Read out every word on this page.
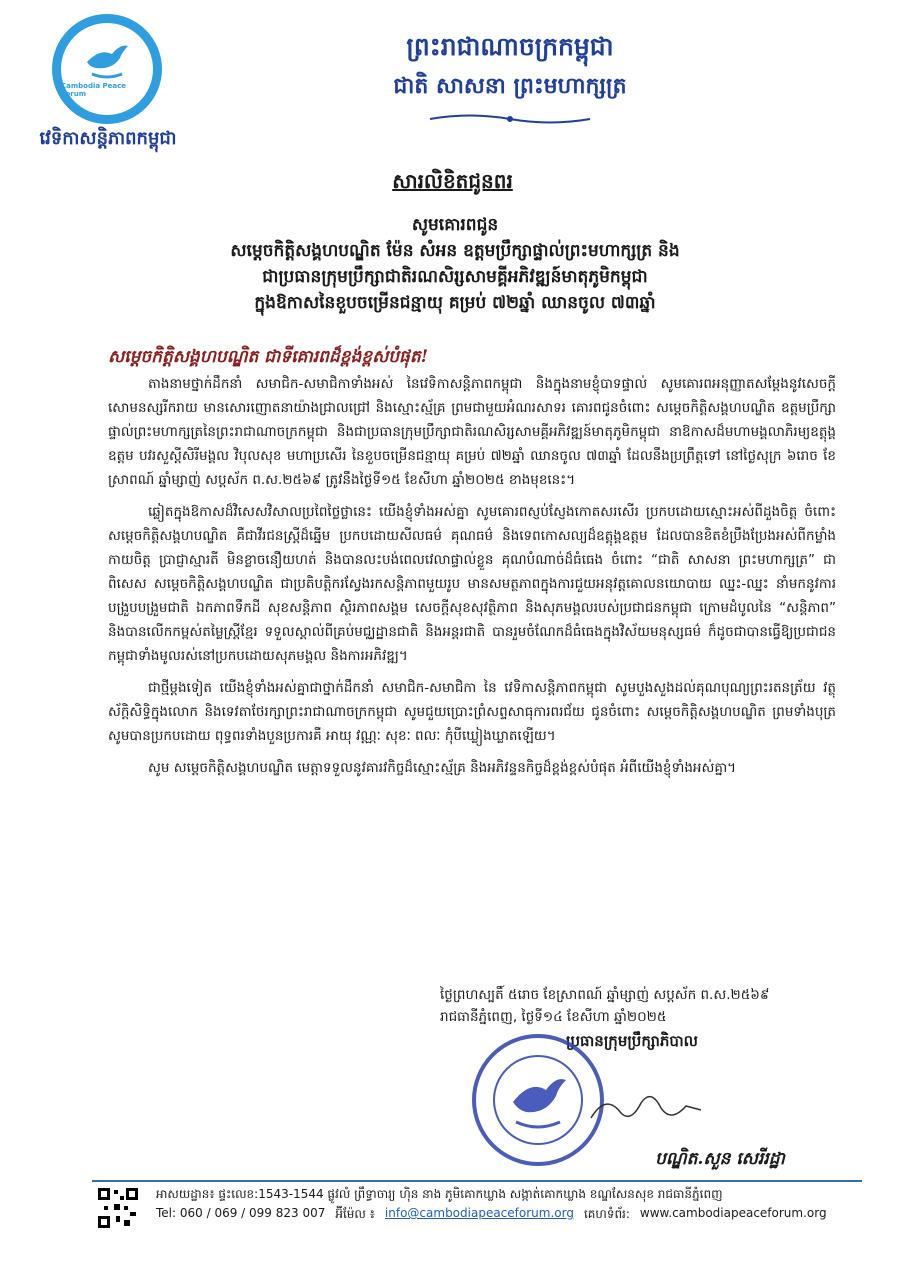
Cambodia Peace Forum
វេទិកាសន្តិភាពកម្ពុជា
ព្រះរាជាណាចក្រកម្ពុជា
ជាតិ សាសនា ព្រះមហាក្សត្រ
សារលិខិតជូនពរ
សូមគោរពជូន
សម្តេចកិត្តិសង្គហបណ្ឌិត ម៉ែន សំអន ឧត្តមប្រឹក្សាផ្ទាល់ព្រះមហាក្សត្រ និង
ជាប្រធានក្រុមប្រឹក្សាជាតិរណសិរ្សសាមគ្គីអភិវឌ្ឍន៍មាតុភូមិកម្ពុជា
ក្នុងឱកាសនៃខួបចម្រើនជន្មាយុ គម្រប់ ៧២ឆ្នាំ ឈានចូល ៧៣ឆ្នាំ
សម្តេចកិត្តិសង្គហបណ្ឌិត ជាទីគោរពដ៏ខ្ពង់ខ្ពស់បំផុត!

តាងនាមថ្នាក់ដឹកនាំ សមាជិក-សមាជិកាទាំងអស់ នៃវេទិកាសន្តិភាពកម្ពុជា និងក្នុងនាមខ្ញុំបាទផ្ទាល់ សូមគោរពអនុញ្ញាតសម្តែងនូវសេចក្តីសោមនស្សរីករាយ មានសោរញោតនាយ៉ាងជ្រាលជ្រៅ និងស្មោះស្ម័គ្រ ព្រមជាមួយអំណរសាទរ គោរពជូនចំពោះ សម្តេចកិត្តិសង្គហបណ្ឌិត ឧត្តមប្រឹក្សាផ្ទាល់ព្រះមហាក្សត្រនៃព្រះរាជាណាចក្រកម្ពុជា និងជាប្រធានក្រុមប្រឹក្សាជាតិរណសិរ្សសាមគ្គីអភិវឌ្ឍន៍មាតុភូមិកម្ពុជា នាឱកាសដ៏មហាមង្គលាភិរម្យឧត្តុង្គឧត្តម បវរសួស្តីសិរីមង្គល វិបុលសុខ មហាប្រសើរ នៃខួបចម្រើនជន្មាយុ គម្រប់ ៧២ឆ្នាំ ឈានចូល ៧៣ឆ្នាំ ដែលនឹងប្រព្រឹត្តទៅ នៅថ្ងៃសុក្រ ៦រោច ខែស្រាពណ៍ ឆ្នាំម្សាញ់ សប្តស័ក ព.ស.២៥៦៩ ត្រូវនឹងថ្ងៃទី១៥ ខែសីហា ឆ្នាំ២០២៥ ខាងមុខនេះ។

ឆ្លៀតក្នុងឱកាសដ៏វិសេសវិសាលប្រពៃថ្លៃថ្លានេះ យើងខ្ញុំទាំងអស់គ្នា សូមគោរពស្ញប់ស្ញែងកោតសរសើរ ប្រកបដោយស្មោះអស់ពីដួងចិត្ត ចំពោះ សម្តេចកិត្តិសង្គហបណ្ឌិត គឺជាវីរជនស្ត្រីដ៏ឆ្នើម ប្រកបដោយសីលធម៌ គុណធម៌ និងទេពកោសល្យដ៏ឧត្តុង្គឧត្តម ដែលបានខិតខំប្រឹងប្រែងអស់ពីកម្លាំងកាយចិត្ត ប្រាជ្ញាស្មារតី មិនខ្លាចនឿយហត់ និងបានលះបង់ពេលវេលាផ្ទាល់ខ្លួន គុណបំណាច់ដ៏ធំធេង ចំពោះ “ជាតិ សាសនា ព្រះមហាក្សត្រ” ជាពិសេស សម្តេចកិត្តិសង្គហបណ្ឌិត ជាប្រតិបត្តិករស្វែងរកសន្តិភាពមួយរូប មានសមត្ថភាពក្នុងការជួយអនុវត្តគោលនយោបាយ ឈ្នះ-ឈ្នះ នាំមកនូវការបង្រួបបង្រួមជាតិ ឯកភាពទឹកដី សុខសន្តិភាព ស្ថិរភាពសង្គម សេចក្តីសុខសុវត្ថិភាព និងសុភមង្គលរបស់ប្រជាជនកម្ពុជា ក្រោមដំបូលនៃ “សន្តិភាព” និងបានលើកកម្ពស់តម្លៃស្ត្រីខ្មែរ ទទួលស្គាល់ពីគ្រប់មជ្ឈដ្ឋានជាតិ និងអន្តរជាតិ បានរួមចំណែកដ៏ធំធេងក្នុងវិស័យមនុស្សធម៌ ក៏ដូចជាបានធ្វើឱ្យប្រជាជនកម្ពុជាទាំងមូលរស់នៅប្រកបដោយសុភមង្គល និងការអភិវឌ្ឍ។

ជាថ្មីម្តងទៀត យើងខ្ញុំទាំងអស់គ្នាជាថ្នាក់ដឹកនាំ សមាជិក-សមាជិកា នៃ វេទិកាសន្តិភាពកម្ពុជា សូមបួងសួងដល់គុណបុណ្យព្រះរតនត្រ័យ វត្ថុស័ក្តិសិទ្ធិក្នុងលោក និងទេវតាថែរក្សាព្រះរាជាណាចក្រកម្ពុជា សូមជួយប្រោះព្រំសព្ទសាធុការពរជ័យ ជូនចំពោះ សម្តេចកិត្តិសង្គហបណ្ឌិត ព្រមទាំងបុត្រ សូមបានប្រកបដោយ ពុទ្ធពរទាំងបួនប្រការគឺ អាយុ វណ្ណៈ សុខៈ ពលៈ កុំបីឃ្លៀងឃ្លាតឡើយ។

សូម សម្តេចកិត្តិសង្គហបណ្ឌិត មេត្តាទទួលនូវគារវកិច្ចដ៏ស្មោះស្ម័គ្រ និងអភិវន្ទនកិច្ចដ៏ខ្ពង់ខ្ពស់បំផុត អំពីយើងខ្ញុំទាំងអស់គ្នា។

ថ្ងៃព្រហស្បតិ៍ ៥រោច ខែស្រាពណ៍ ឆ្នាំម្សាញ់ សប្តស័ក ព.ស.២៥៦៩
រាជធានីភ្នំពេញ, ថ្ងៃទី១៤ ខែសីហា ឆ្នាំ២០២៥
ប្រធានក្រុមប្រឹក្សាភិបាល
បណ្ឌិត.សួន សេរីរដ្ឋា
អាសយដ្ឋាន៖ ផ្ទះលេខ:1543-1544 ផ្លូវលំ ព្រឹទ្ធាចារ្យ ហ៊ិន នាង ភូមិគោកឃ្លាង សង្កាត់គោកឃ្លាង ខណ្ឌសែនសុខ រាជធានីភ្នំពេញ
Tel: 060 / 069 / 099 823 007 អ៊ីម៉ែល ៖ info@cambodiapeaceforum.org គេហទំព័រ: www.cambodiapeaceforum.org
